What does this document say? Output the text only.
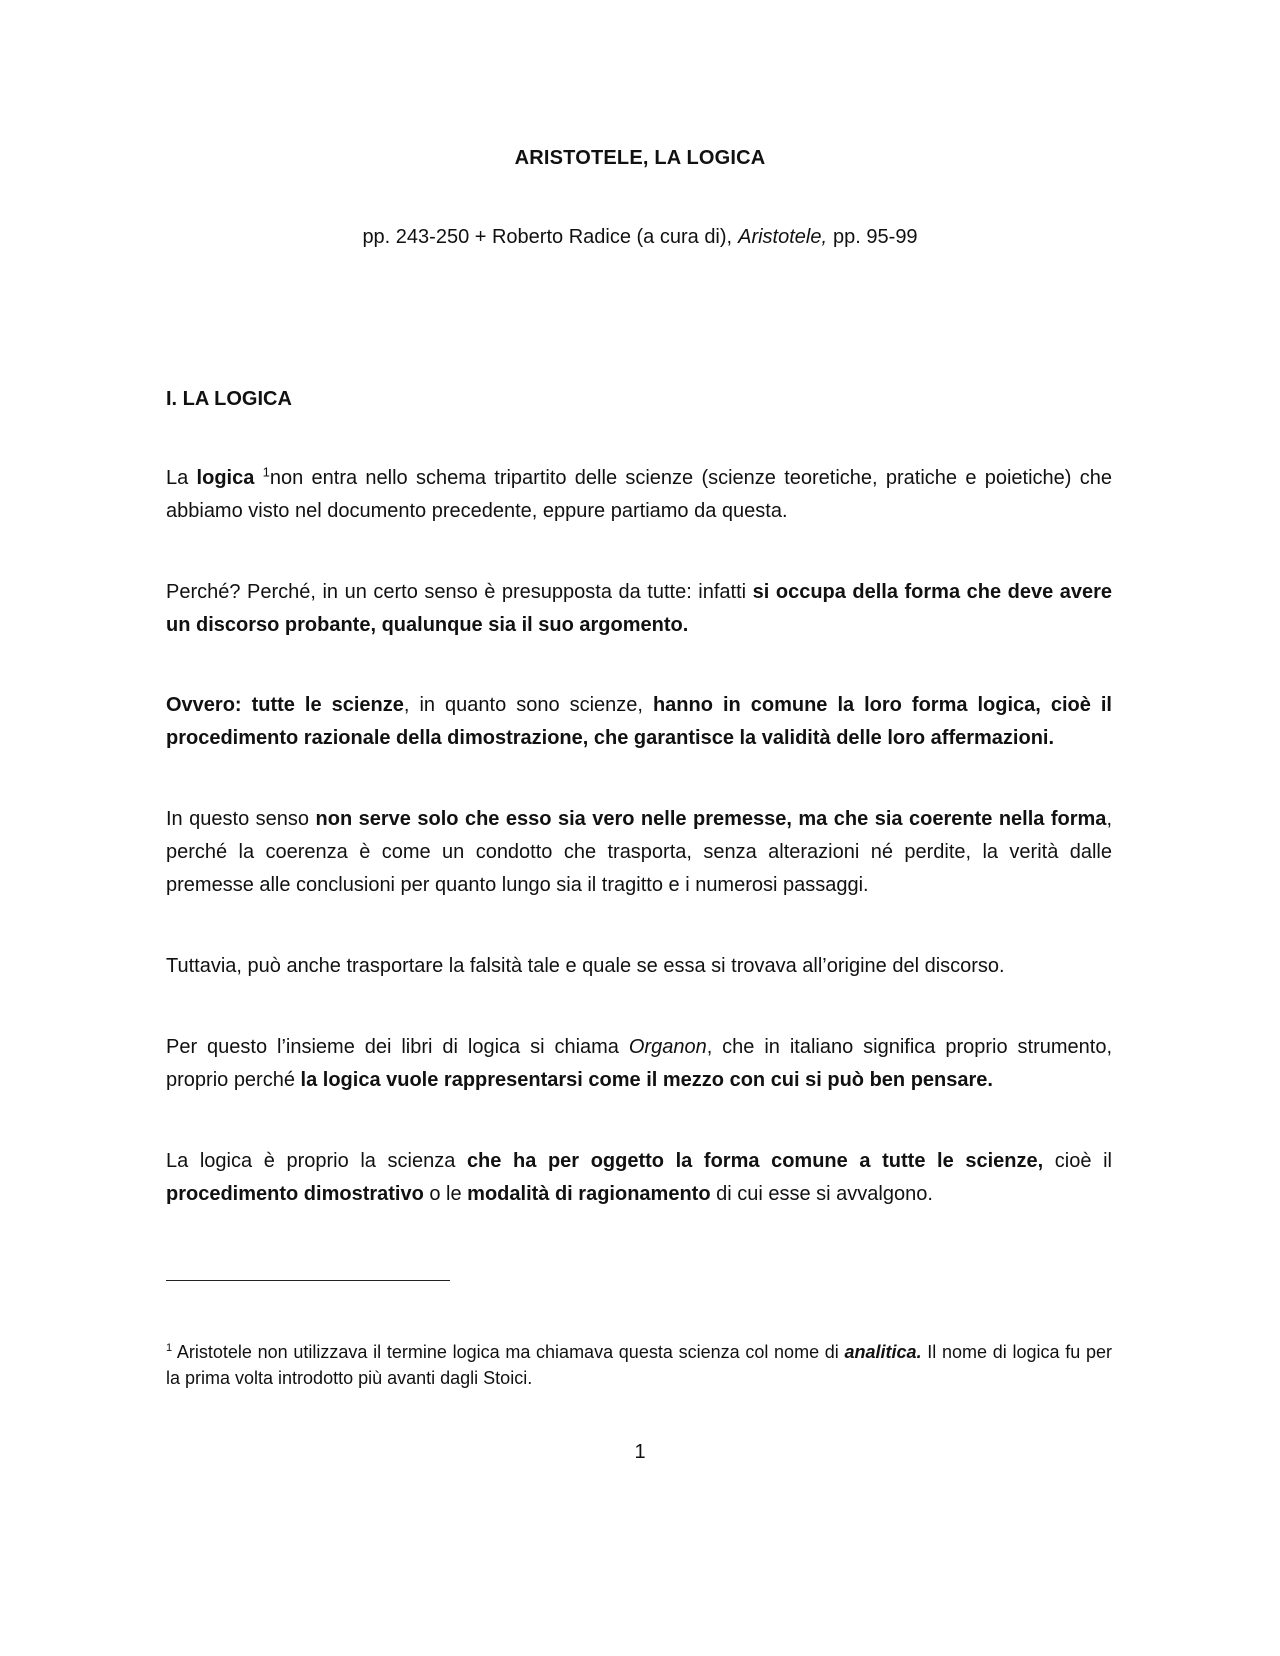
ARISTOTELE, LA LOGICA
pp. 243-250 + Roberto Radice (a cura di), Aristotele, pp. 95-99
I. LA LOGICA
La logica $^1$non entra nello schema tripartito delle scienze (scienze teoretiche, pratiche e poietiche) che abbiamo visto nel documento precedente, eppure partiamo da questa.
Perché? Perché, in un certo senso è presupposta da tutte: infatti si occupa della forma che deve avere un discorso probante, qualunque sia il suo argomento.
Ovvero: tutte le scienze, in quanto sono scienze, hanno in comune la loro forma logica, cioè il procedimento razionale della dimostrazione, che garantisce la validità delle loro affermazioni.
In questo senso non serve solo che esso sia vero nelle premesse, ma che sia coerente nella forma, perché la coerenza è come un condotto che trasporta, senza alterazioni né perdite, la verità dalle premesse alle conclusioni per quanto lungo sia il tragitto e i numerosi passaggi.
Tuttavia, può anche trasportare la falsità tale e quale se essa si trovava all’origine del discorso.
Per questo l’insieme dei libri di logica si chiama Organon, che in italiano significa proprio strumento, proprio perché la logica vuole rappresentarsi come il mezzo con cui si può ben pensare.
La logica è proprio la scienza che ha per oggetto la forma comune a tutte le scienze, cioè il procedimento dimostrativo o le modalità di ragionamento di cui esse si avvalgono.
$^1$ Aristotele non utilizzava il termine logica ma chiamava questa scienza col nome di analitica. Il nome di logica fu per la prima volta introdotto più avanti dagli Stoici.
1
